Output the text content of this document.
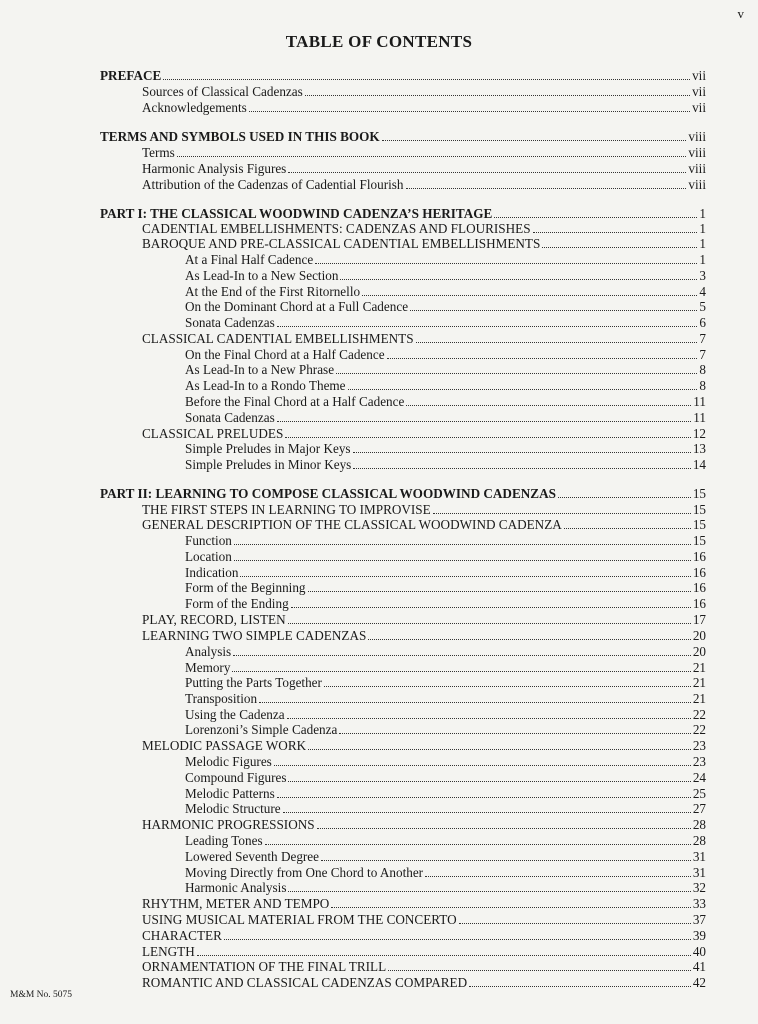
v
TABLE OF CONTENTS
PREFACE	vii
Sources of Classical Cadenzas	vii
Acknowledgements	vii
TERMS AND SYMBOLS USED IN THIS BOOK	viii
Terms	viii
Harmonic Analysis Figures	viii
Attribution of the Cadenzas of Cadential Flourish	viii
PART I: THE CLASSICAL WOODWIND CADENZA’S HERITAGE	1
CADENTIAL EMBELLISHMENTS: CADENZAS AND FLOURISHES	1
BAROQUE AND PRE-CLASSICAL CADENTIAL EMBELLISHMENTS	1
At a Final Half Cadence	1
As Lead-In to a New Section	3
At the End of the First Ritornello	4
On the Dominant Chord at a Full Cadence	5
Sonata Cadenzas	6
CLASSICAL CADENTIAL EMBELLISHMENTS	7
On the Final Chord at a Half Cadence	7
As Lead-In to a New Phrase	8
As Lead-In to a Rondo Theme	8
Before the Final Chord at a Half Cadence	11
Sonata Cadenzas	11
CLASSICAL PRELUDES	12
Simple Preludes in Major Keys	13
Simple Preludes in Minor Keys	14
PART II: LEARNING TO COMPOSE CLASSICAL WOODWIND CADENZAS	15
THE FIRST STEPS IN LEARNING TO IMPROVISE	15
GENERAL DESCRIPTION OF THE CLASSICAL WOODWIND CADENZA	15
Function	15
Location	16
Indication	16
Form of the Beginning	16
Form of the Ending	16
PLAY, RECORD, LISTEN	17
LEARNING TWO SIMPLE CADENZAS	20
Analysis	20
Memory	21
Putting the Parts Together	21
Transposition	21
Using the Cadenza	22
Lorenzoni’s Simple Cadenza	22
MELODIC PASSAGE WORK	23
Melodic Figures	23
Compound Figures	24
Melodic Patterns	25
Melodic Structure	27
HARMONIC PROGRESSIONS	28
Leading Tones	28
Lowered Seventh Degree	31
Moving Directly from One Chord to Another	31
Harmonic Analysis	32
RHYTHM, METER AND TEMPO	33
USING MUSICAL MATERIAL FROM THE CONCERTO	37
CHARACTER	39
LENGTH	40
ORNAMENTATION OF THE FINAL TRILL	41
ROMANTIC AND CLASSICAL CADENZAS COMPARED	42
M&M No. 5075
